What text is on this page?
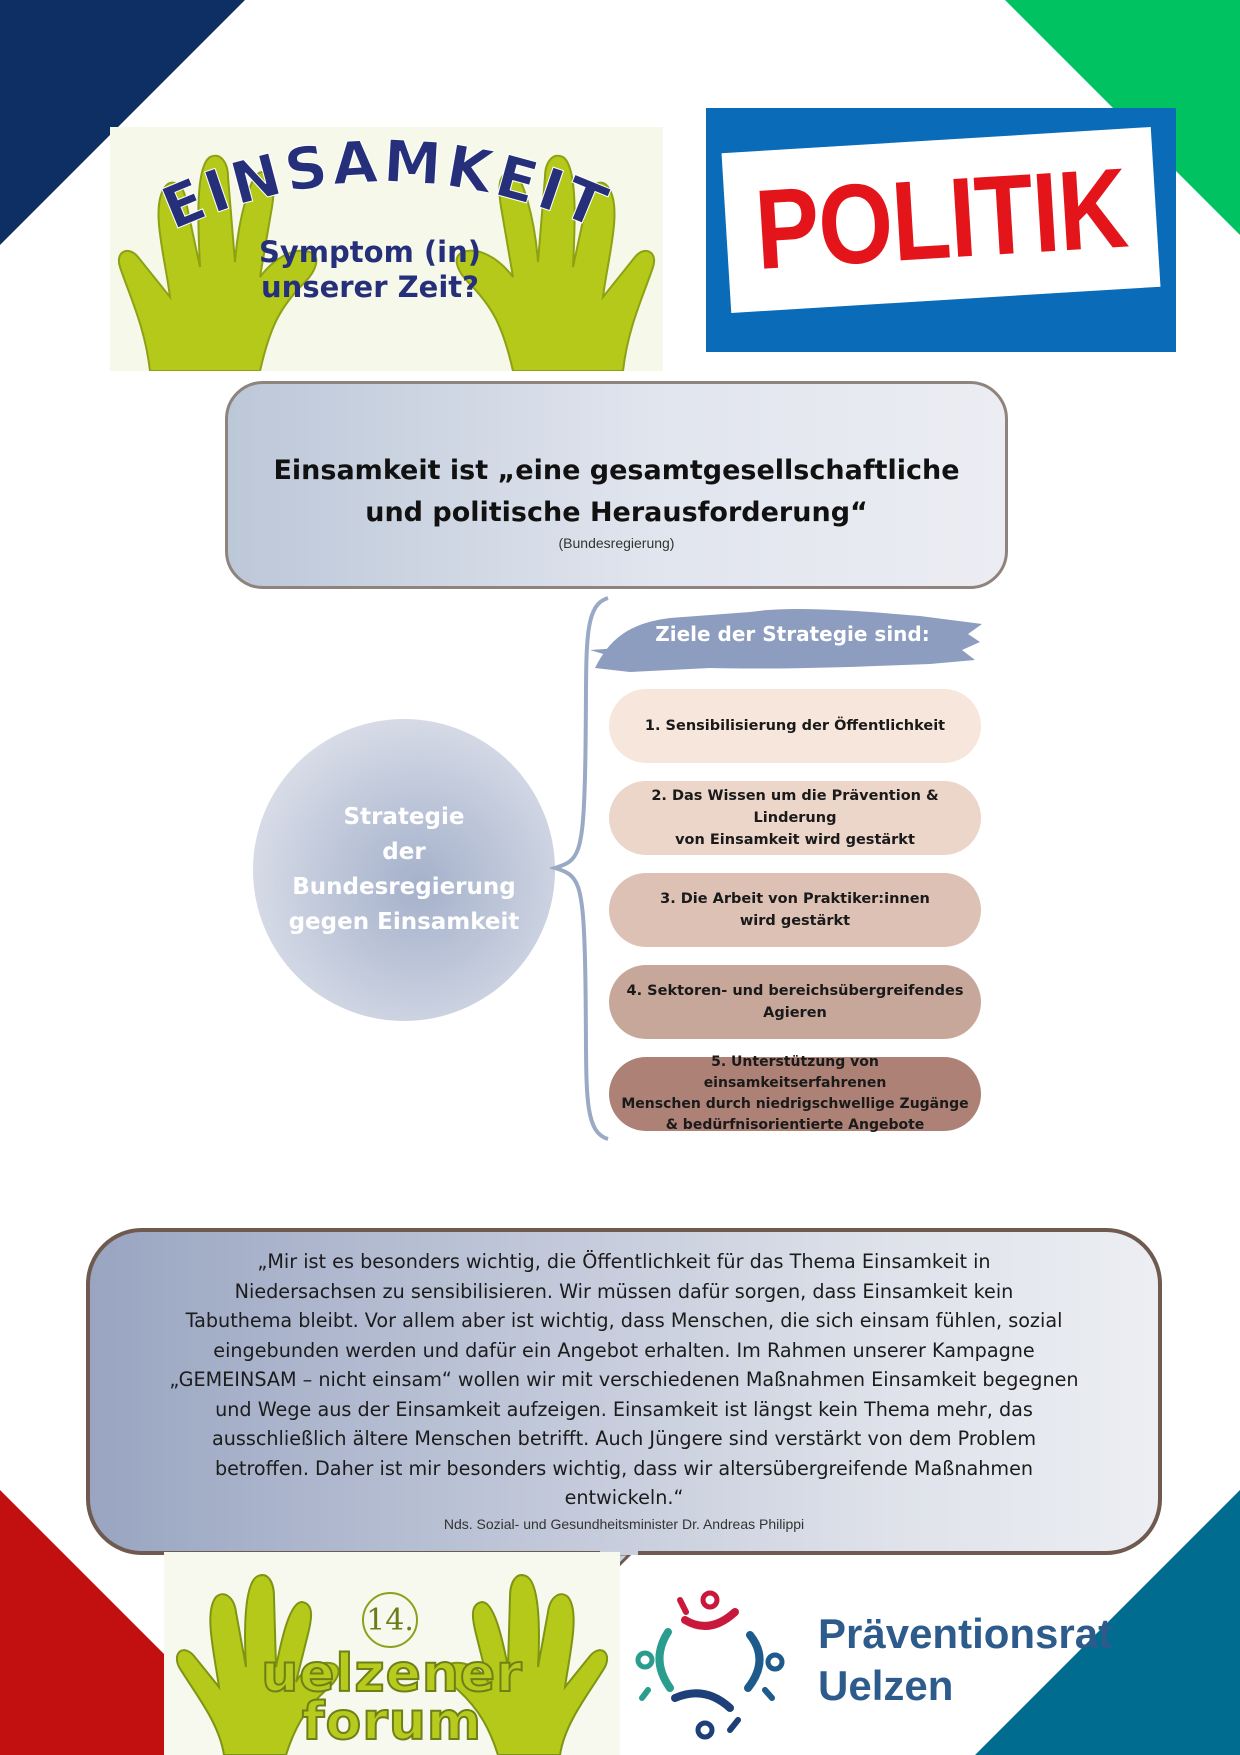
EINSAMKEIT
Symptom (in)
unserer Zeit?	POLITIK
Einsamkeit ist „eine gesamtgesellschaftliche und politische Herausforderung“
(Bundesregierung)
Strategie
der Bundesregierung
gegen Einsamkeit
Ziele der Strategie sind:
1. Sensibilisierung der Öffentlichkeit
2. Das Wissen um die Prävention & Linderung
von Einsamkeit wird gestärkt
3. Die Arbeit von Praktiker:innen
wird gestärkt
4. Sektoren- und bereichsübergreifendes
Agieren
5. Unterstützung von einsamkeitserfahrenen
Menschen durch niedrigschwellige Zugänge
& bedürfnisorientierte Angebote
„Mir ist es besonders wichtig, die Öffentlichkeit für das Thema Einsamkeit in
Niedersachsen zu sensibilisieren. Wir müssen dafür sorgen, dass Einsamkeit kein
Tabuthema bleibt. Vor allem aber ist wichtig, dass Menschen, die sich einsam fühlen, sozial
eingebunden werden und dafür ein Angebot erhalten. Im Rahmen unserer Kampagne
„GEMEINSAM – nicht einsam“ wollen wir mit verschiedenen Maßnahmen Einsamkeit begegnen
und Wege aus der Einsamkeit aufzeigen. Einsamkeit ist längst kein Thema mehr, das
ausschließlich ältere Menschen betrifft. Auch Jüngere sind verstärkt von dem Problem
betroffen. Daher ist mir besonders wichtig, dass wir altersübergreifende Maßnahmen
entwickeln.“
Nds. Sozial- und Gesundheitsminister Dr. Andreas Philippi
14.
uelzener
forum
Präventionsrat
Uelzen
